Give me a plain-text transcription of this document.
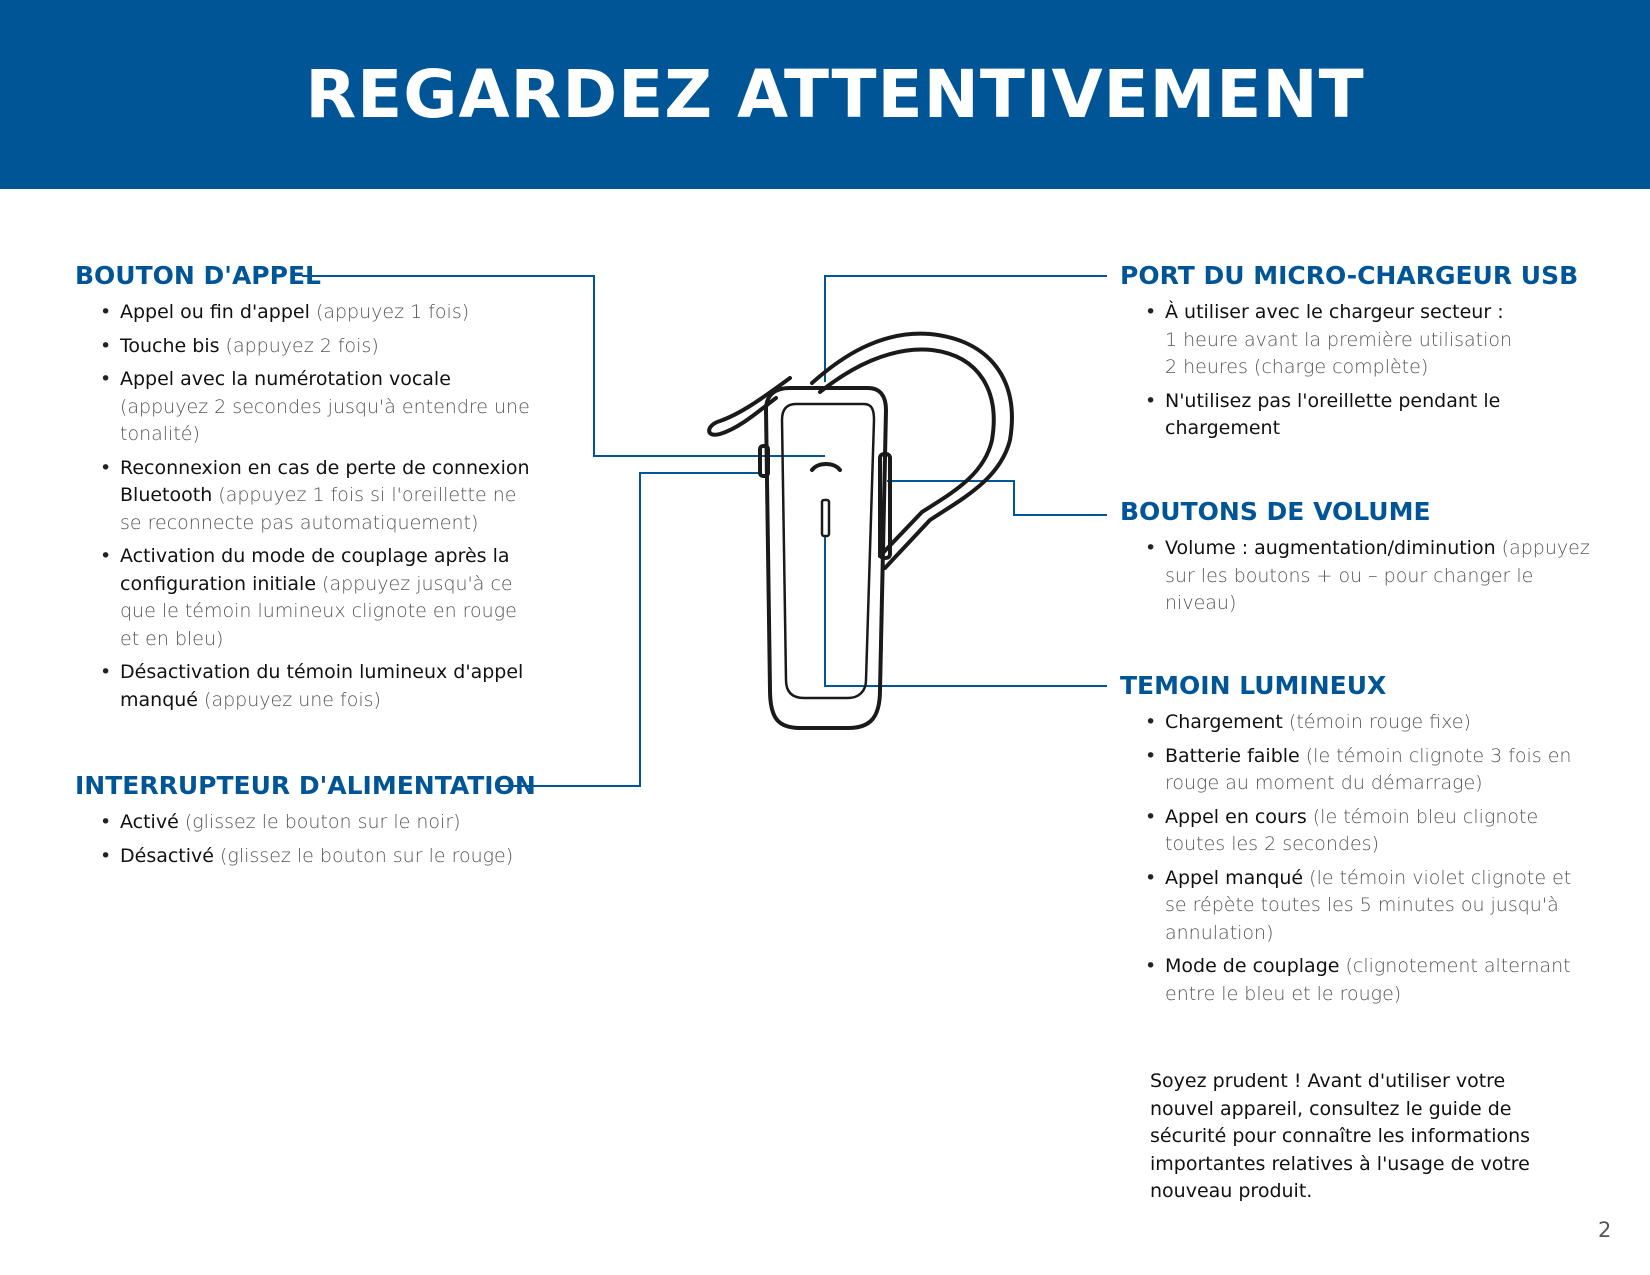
REGARDEZ ATTENTIVEMENT
BOUTON D'APPEL
• Appel ou fin d'appel (appuyez 1 fois)
• Touche bis (appuyez 2 fois)
• Appel avec la numérotation vocale (appuyez 2 secondes jusqu'à entendre une tonalité)
• Reconnexion en cas de perte de connexion Bluetooth (appuyez 1 fois si l'oreillette ne se reconnecte pas automatiquement)
• Activation du mode de couplage après la configuration initiale (appuyez jusqu'à ce que le témoin lumineux clignote en rouge et en bleu)
• Désactivation du témoin lumineux d'appel manqué (appuyez une fois)
INTERRUPTEUR D'ALIMENTATION
• Activé (glissez le bouton sur le noir)
• Désactivé (glissez le bouton sur le rouge)
PORT DU MICRO-CHARGEUR USB
• À utiliser avec le chargeur secteur :
1 heure avant la première utilisation
2 heures (charge complète)
• N'utilisez pas l'oreillette pendant le chargement
BOUTONS DE VOLUME
• Volume : augmentation/diminution (appuyez sur les boutons + ou – pour changer le niveau)
TEMOIN LUMINEUX
• Chargement (témoin rouge fixe)
• Batterie faible (le témoin clignote 3 fois en rouge au moment du démarrage)
• Appel en cours (le témoin bleu clignote toutes les 2 secondes)
• Appel manqué (le témoin violet clignote et se répète toutes les 5 minutes ou jusqu'à annulation)
• Mode de couplage (clignotement alternant entre le bleu et le rouge)

Soyez prudent ! Avant d'utiliser votre nouvel appareil, consultez le guide de sécurité pour connaître les informations importantes relatives à l'usage de votre nouveau produit.

2
